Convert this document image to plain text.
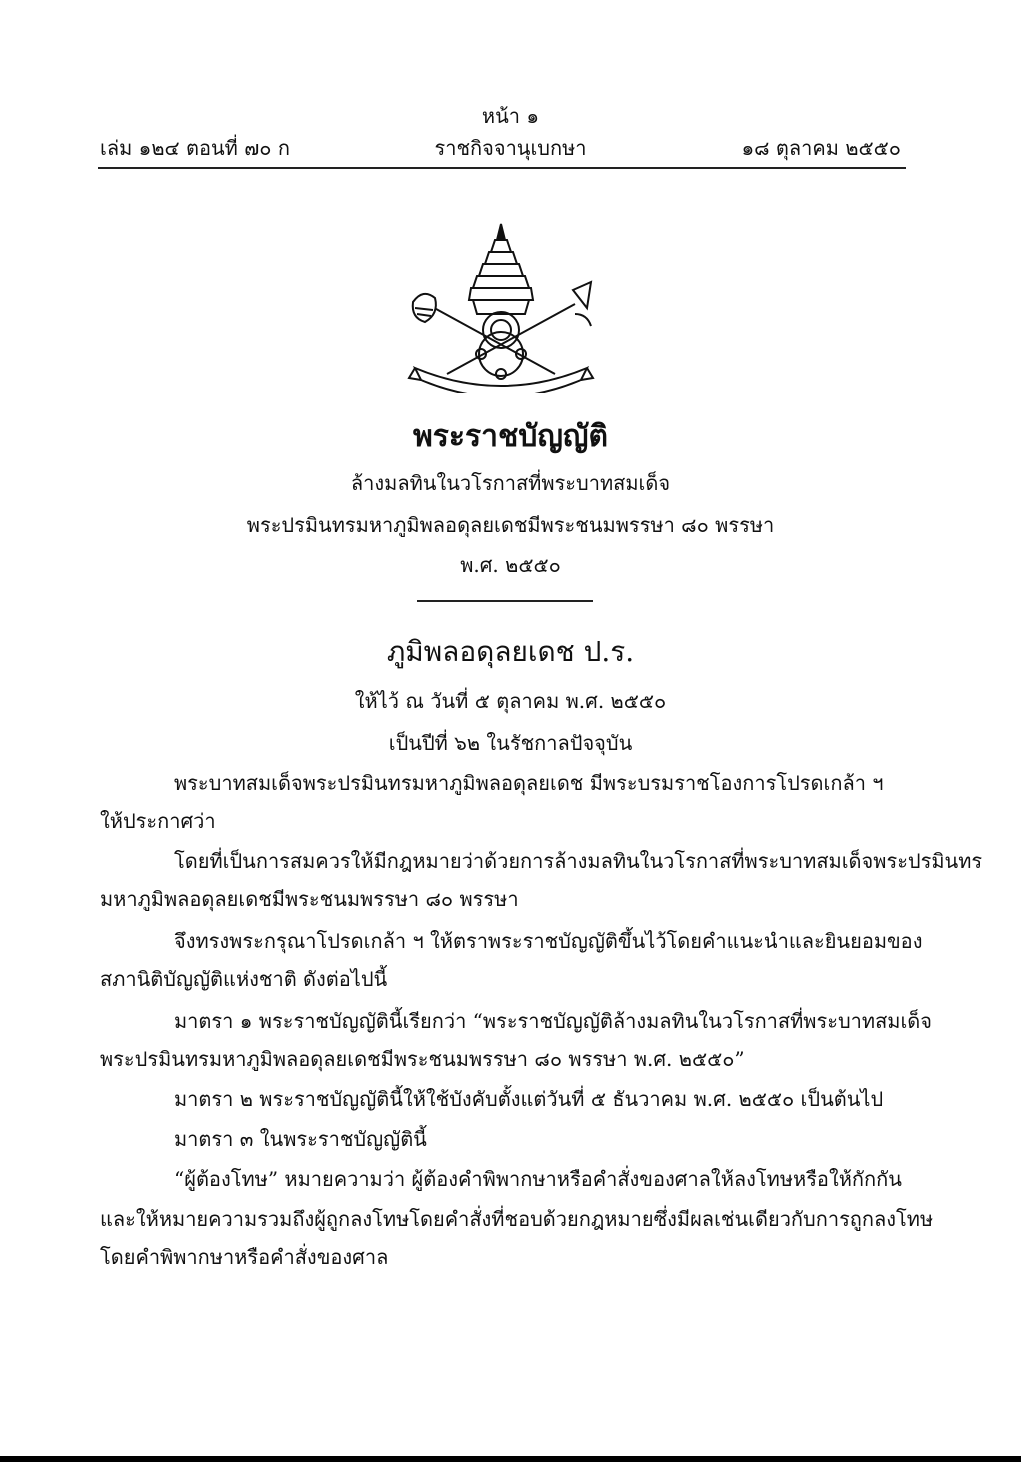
หน้า ๑
เล่ม ๑๒๔ ตอนที่ ๗๐ ก	ราชกิจจานุเบกษา	๑๘ ตุลาคม ๒๕๕๐
พระราชบัญญัติ
ล้างมลทินในวโรกาสที่พระบาทสมเด็จ
พระปรมินทรมหาภูมิพลอดุลยเดชมีพระชนมพรรษา ๘๐ พรรษา
พ.ศ. ๒๕๕๐
ภูมิพลอดุลยเดช ป.ร.
ให้ไว้ ณ วันที่ ๕ ตุลาคม พ.ศ. ๒๕๕๐
เป็นปีที่ ๖๒ ในรัชกาลปัจจุบัน
พระบาทสมเด็จพระปรมินทรมหาภูมิพลอดุลยเดช มีพระบรมราชโองการโปรดเกล้า ฯ
ให้ประกาศว่า
โดยที่เป็นการสมควรให้มีกฎหมายว่าด้วยการล้างมลทินในวโรกาสที่พระบาทสมเด็จพระปรมินทร
มหาภูมิพลอดุลยเดชมีพระชนมพรรษา ๘๐ พรรษา
จึงทรงพระกรุณาโปรดเกล้า ฯ ให้ตราพระราชบัญญัติขึ้นไว้โดยคำแนะนำและยินยอมของ
สภานิติบัญญัติแห่งชาติ ดังต่อไปนี้
มาตรา ๑ พระราชบัญญัตินี้เรียกว่า “พระราชบัญญัติล้างมลทินในวโรกาสที่พระบาทสมเด็จ
พระปรมินทรมหาภูมิพลอดุลยเดชมีพระชนมพรรษา ๘๐ พรรษา พ.ศ. ๒๕๕๐”
มาตรา ๒ พระราชบัญญัตินี้ให้ใช้บังคับตั้งแต่วันที่ ๕ ธันวาคม พ.ศ. ๒๕๕๐ เป็นต้นไป
มาตรา ๓ ในพระราชบัญญัตินี้
“ผู้ต้องโทษ” หมายความว่า ผู้ต้องคำพิพากษาหรือคำสั่งของศาลให้ลงโทษหรือให้กักกัน
และให้หมายความรวมถึงผู้ถูกลงโทษโดยคำสั่งที่ชอบด้วยกฎหมายซึ่งมีผลเช่นเดียวกับการถูกลงโทษ
โดยคำพิพากษาหรือคำสั่งของศาล
